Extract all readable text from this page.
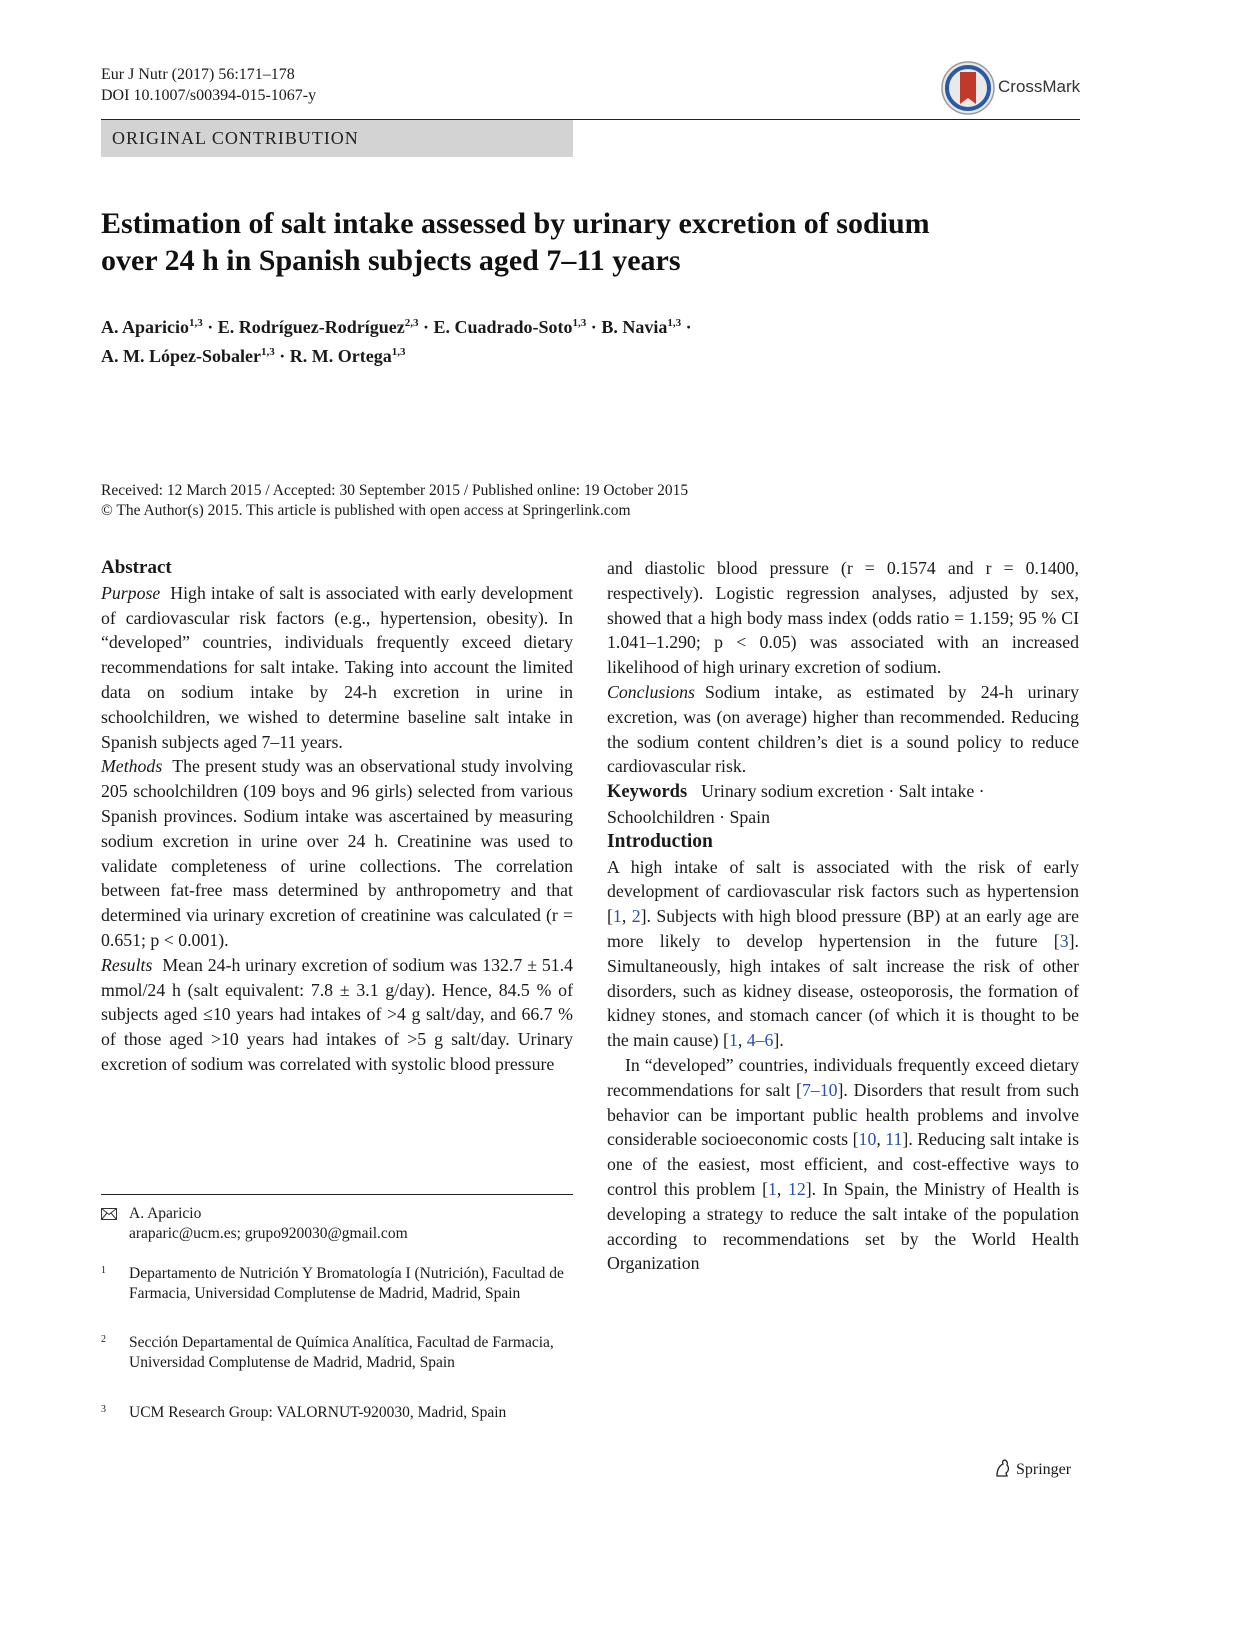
Eur J Nutr (2017) 56:171–178
DOI 10.1007/s00394-015-1067-y	CrossMark
ORIGINAL CONTRIBUTION
Estimation of salt intake assessed by urinary excretion of sodium
over 24 h in Spanish subjects aged 7–11 years
A. Aparicio$^{1,3}$ · E. Rodríguez-Rodríguez$^{2,3}$ · E. Cuadrado-Soto$^{1,3}$ · B. Navia$^{1,3}$ ·
A. M. López-Sobaler$^{1,3}$ · R. M. Ortega$^{1,3}$
Received: 12 March 2015 / Accepted: 30 September 2015 / Published online: 19 October 2015
© The Author(s) 2015. This article is published with open access at Springerlink.com

Abstract

Purpose High intake of salt is associated with early development of cardiovascular risk factors (e.g., hypertension, obesity). In “developed” countries, individuals frequently exceed dietary recommendations for salt intake. Taking into account the limited data on sodium intake by 24-h excretion in urine in schoolchildren, we wished to determine baseline salt intake in Spanish subjects aged 7–11 years.

Methods The present study was an observational study involving 205 schoolchildren (109 boys and 96 girls) selected from various Spanish provinces. Sodium intake was ascertained by measuring sodium excretion in urine over 24 h. Creatinine was used to validate completeness of urine collections. The correlation between fat-free mass determined by anthropometry and that determined via urinary excretion of creatinine was calculated (r = 0.651; p < 0.001).

Results Mean 24-h urinary excretion of sodium was 132.7 ± 51.4 mmol/24 h (salt equivalent: 7.8 ± 3.1 g/day). Hence, 84.5 % of subjects aged ≤10 years had intakes of >4 g salt/day, and 66.7 % of those aged >10 years had intakes of >5 g salt/day. Urinary excretion of sodium was correlated with systolic blood pressure

A. Aparicio
araparic@ucm.es; grupo920030@gmail.com
1 Departamento de Nutrición Y Bromatología I (Nutrición), Facultad de Farmacia, Universidad Complutense de Madrid, Madrid, Spain
2 Sección Departamental de Química Analítica, Facultad de Farmacia, Universidad Complutense de Madrid, Madrid, Spain
3 UCM Research Group: VALORNUT-920030, Madrid, Spain

and diastolic blood pressure (r = 0.1574 and r = 0.1400, respectively). Logistic regression analyses, adjusted by sex, showed that a high body mass index (odds ratio = 1.159; 95 % CI 1.041–1.290; p < 0.05) was associated with an increased likelihood of high urinary excretion of sodium.

Conclusions Sodium intake, as estimated by 24-h urinary excretion, was (on average) higher than recommended. Reducing the sodium content children’s diet is a sound policy to reduce cardiovascular risk.

Keywords Urinary sodium excretion · Salt intake · Schoolchildren · Spain

Introduction

A high intake of salt is associated with the risk of early development of cardiovascular risk factors such as hypertension [1, 2]. Subjects with high blood pressure (BP) at an early age are more likely to develop hypertension in the future [3]. Simultaneously, high intakes of salt increase the risk of other disorders, such as kidney disease, osteoporosis, the formation of kidney stones, and stomach cancer (of which it is thought to be the main cause) [1, 4–6].

In “developed” countries, individuals frequently exceed dietary recommendations for salt [7–10]. Disorders that result from such behavior can be important public health problems and involve considerable socioeconomic costs [10, 11]. Reducing salt intake is one of the easiest, most efficient, and cost-effective ways to control this problem [1, 12]. In Spain, the Ministry of Health is developing a strategy to reduce the salt intake of the population according to recommendations set by the World Health Organization

Springer
